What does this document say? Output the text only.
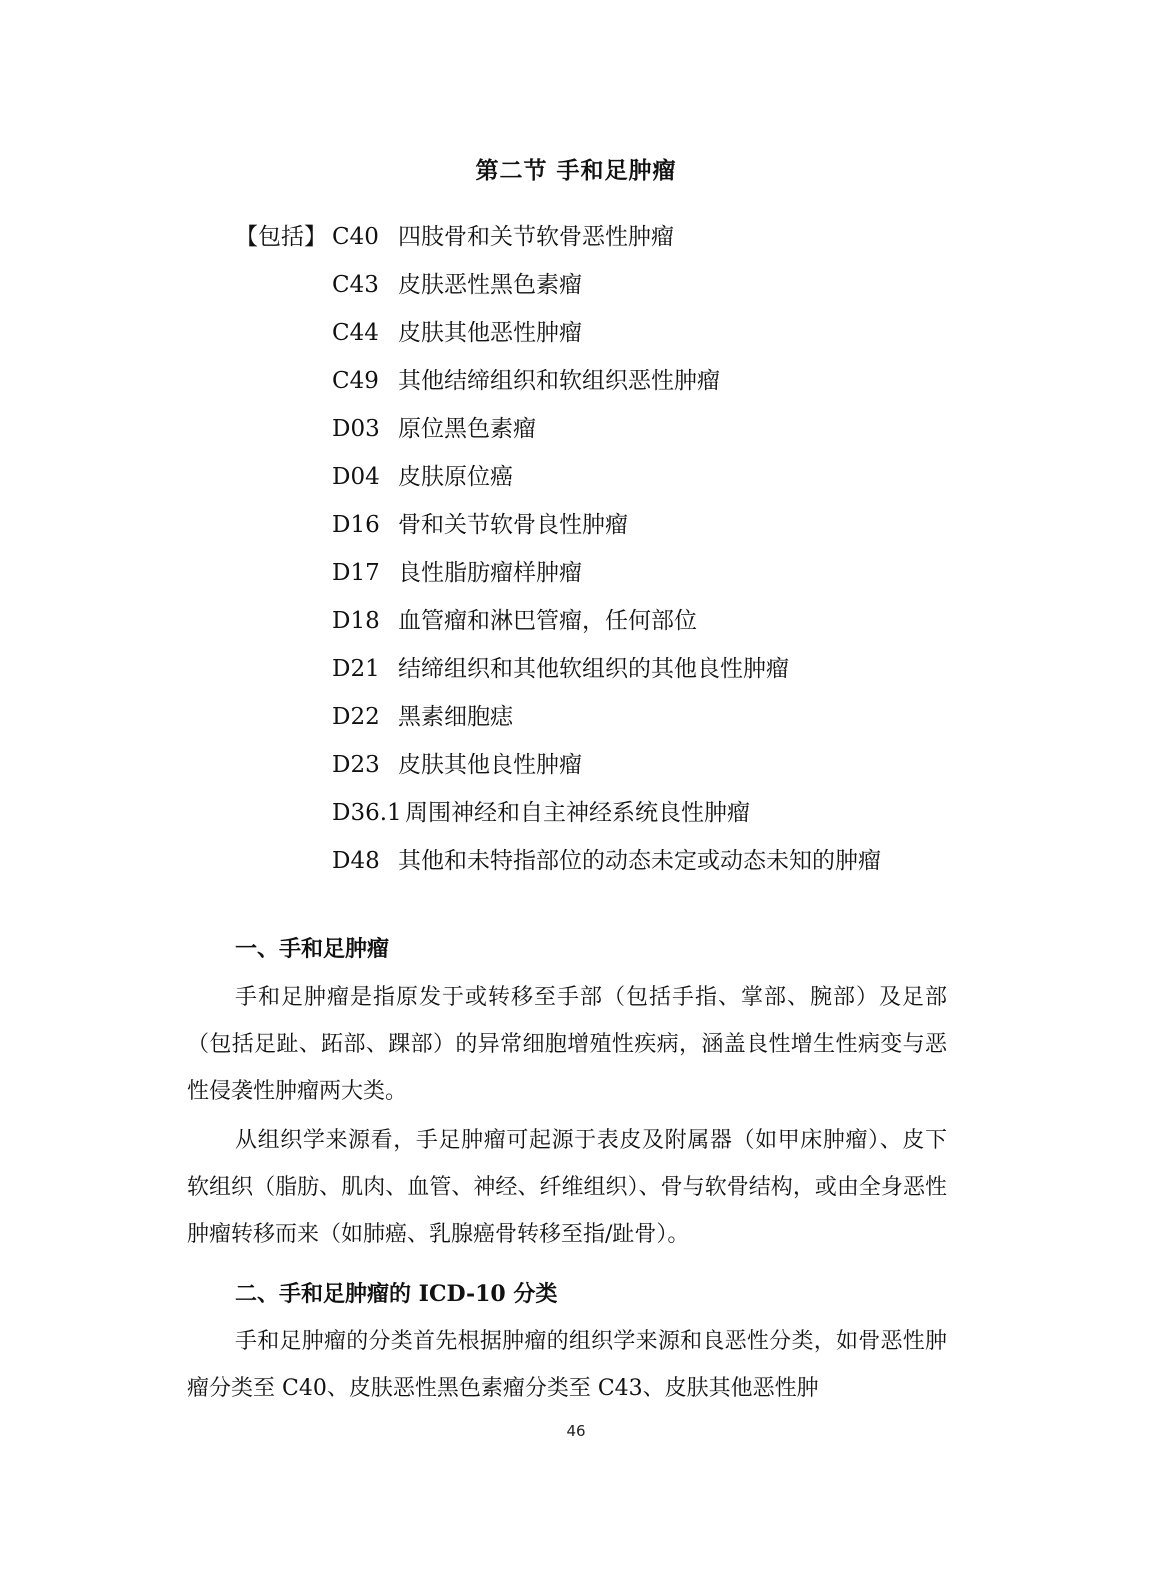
第二节 手和足肿瘤
【包括】 C40 四肢骨和关节软骨恶性肿瘤
C43 皮肤恶性黑色素瘤
C44 皮肤其他恶性肿瘤
C49 其他结缔组织和软组织恶性肿瘤
D03 原位黑色素瘤
D04 皮肤原位癌
D16 骨和关节软骨良性肿瘤
D17 良性脂肪瘤样肿瘤
D18 血管瘤和淋巴管瘤，任何部位
D21 结缔组织和其他软组织的其他良性肿瘤
D22 黑素细胞痣
D23 皮肤其他良性肿瘤
D36.1 周围神经和自主神经系统良性肿瘤
D48 其他和未特指部位的动态未定或动态未知的肿瘤
一、手和足肿瘤

手和足肿瘤是指原发于或转移至手部（包括手指、掌部、腕部）及足部（包括足趾、跖部、踝部）的异常细胞增殖性疾病，涵盖良性增生性病变与恶性侵袭性肿瘤两大类。

从组织学来源看，手足肿瘤可起源于表皮及附属器（如甲床肿瘤）、皮下软组织（脂肪、肌肉、血管、神经、纤维组织）、骨与软骨结构，或由全身恶性肿瘤转移而来（如肺癌、乳腺癌骨转移至指/趾骨）。

二、手和足肿瘤的 ICD-10 分类

手和足肿瘤的分类首先根据肿瘤的组织学来源和良恶性分类，如骨恶性肿瘤分类至 C40、皮肤恶性黑色素瘤分类至 C43、皮肤其他恶性肿

46
